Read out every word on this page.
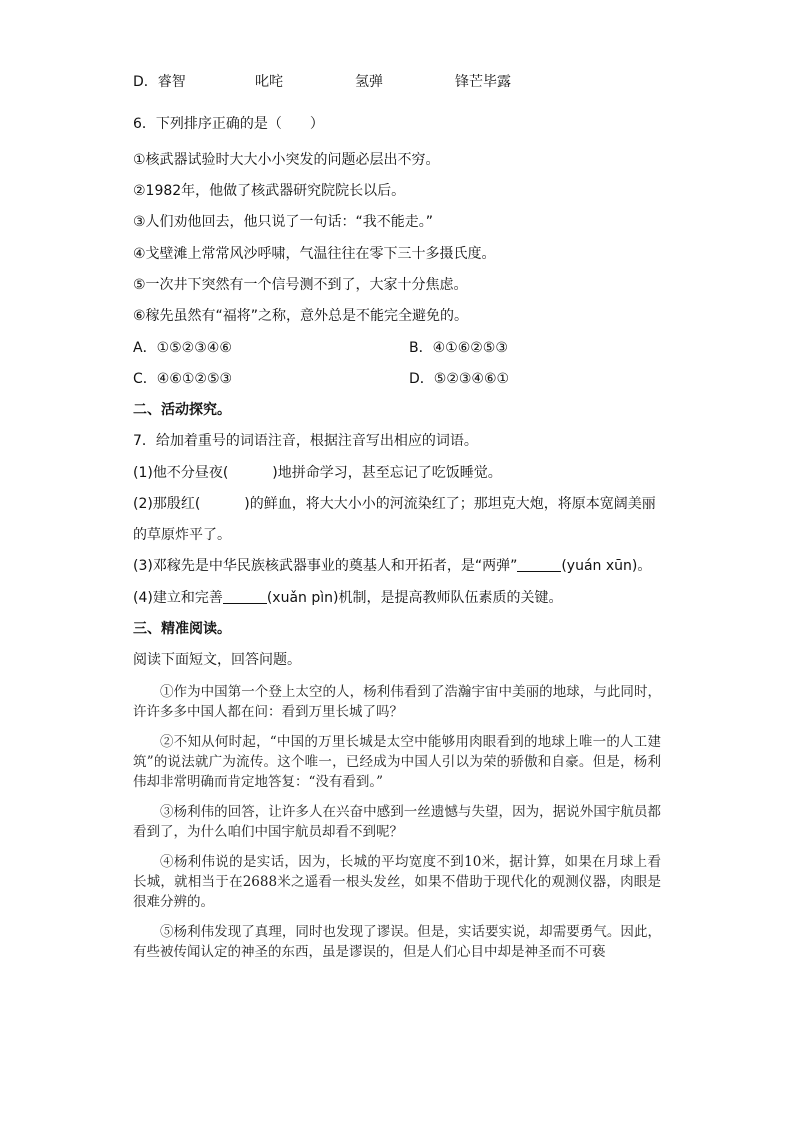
D．睿智	叱咤	氢弹	锋芒毕露
6．下列排序正确的是（　　）
①核武器试验时大大小小突发的问题必层出不穷。
②1982年，他做了核武器研究院院长以后。
③人们劝他回去，他只说了一句话：“我不能走。”
④戈壁滩上常常风沙呼啸，气温往往在零下三十多摄氏度。
⑤一次井下突然有一个信号测不到了，大家十分焦虑。
⑥稼先虽然有“福将”之称，意外总是不能完全避免的。
A．①⑤②③④⑥	B．④①⑥②⑤③
C．④⑥①②⑤③	D．⑤②③④⑥①
二、活动探究。
7．给加着重号的词语注音，根据注音写出相应的词语。
(1)他不分昼夜(	)地拼命学习，甚至忘记了吃饭睡觉。
(2)那殷红(	)的鲜血，将大大小小的河流染红了；那坦克大炮，将原本宽阔美丽
的草原炸平了。
(3)邓稼先是中华民族核武器事业的奠基人和开拓者，是“两弹”	(yuán xūn)。
(4)建立和完善	(xuǎn pìn)机制，是提高教师队伍素质的关键。
三、精准阅读。
阅读下面短文，回答问题。

①作为中国第一个登上太空的人，杨利伟看到了浩瀚宇宙中美丽的地球，与此同时，许许多多中国人都在问：看到万里长城了吗？

②不知从何时起，“中国的万里长城是太空中能够用肉眼看到的地球上唯一的人工建筑”的说法就广为流传。这个唯一，已经成为中国人引以为荣的骄傲和自豪。但是，杨利伟却非常明确而肯定地答复：“没有看到。”

③杨利伟的回答，让许多人在兴奋中感到一丝遗憾与失望，因为，据说外国宇航员都看到了，为什么咱们中国宇航员却看不到呢？

④杨利伟说的是实话，因为，长城的平均宽度不到10米，据计算，如果在月球上看长城，就相当于在2688米之遥看一根头发丝，如果不借助于现代化的观测仪器，肉眼是很难分辨的。

⑤杨利伟发现了真理，同时也发现了谬误。但是，实话要实说，却需要勇气。因此，有些被传闻认定的神圣的东西，虽是谬误的，但是人们心目中却是神圣而不可亵
